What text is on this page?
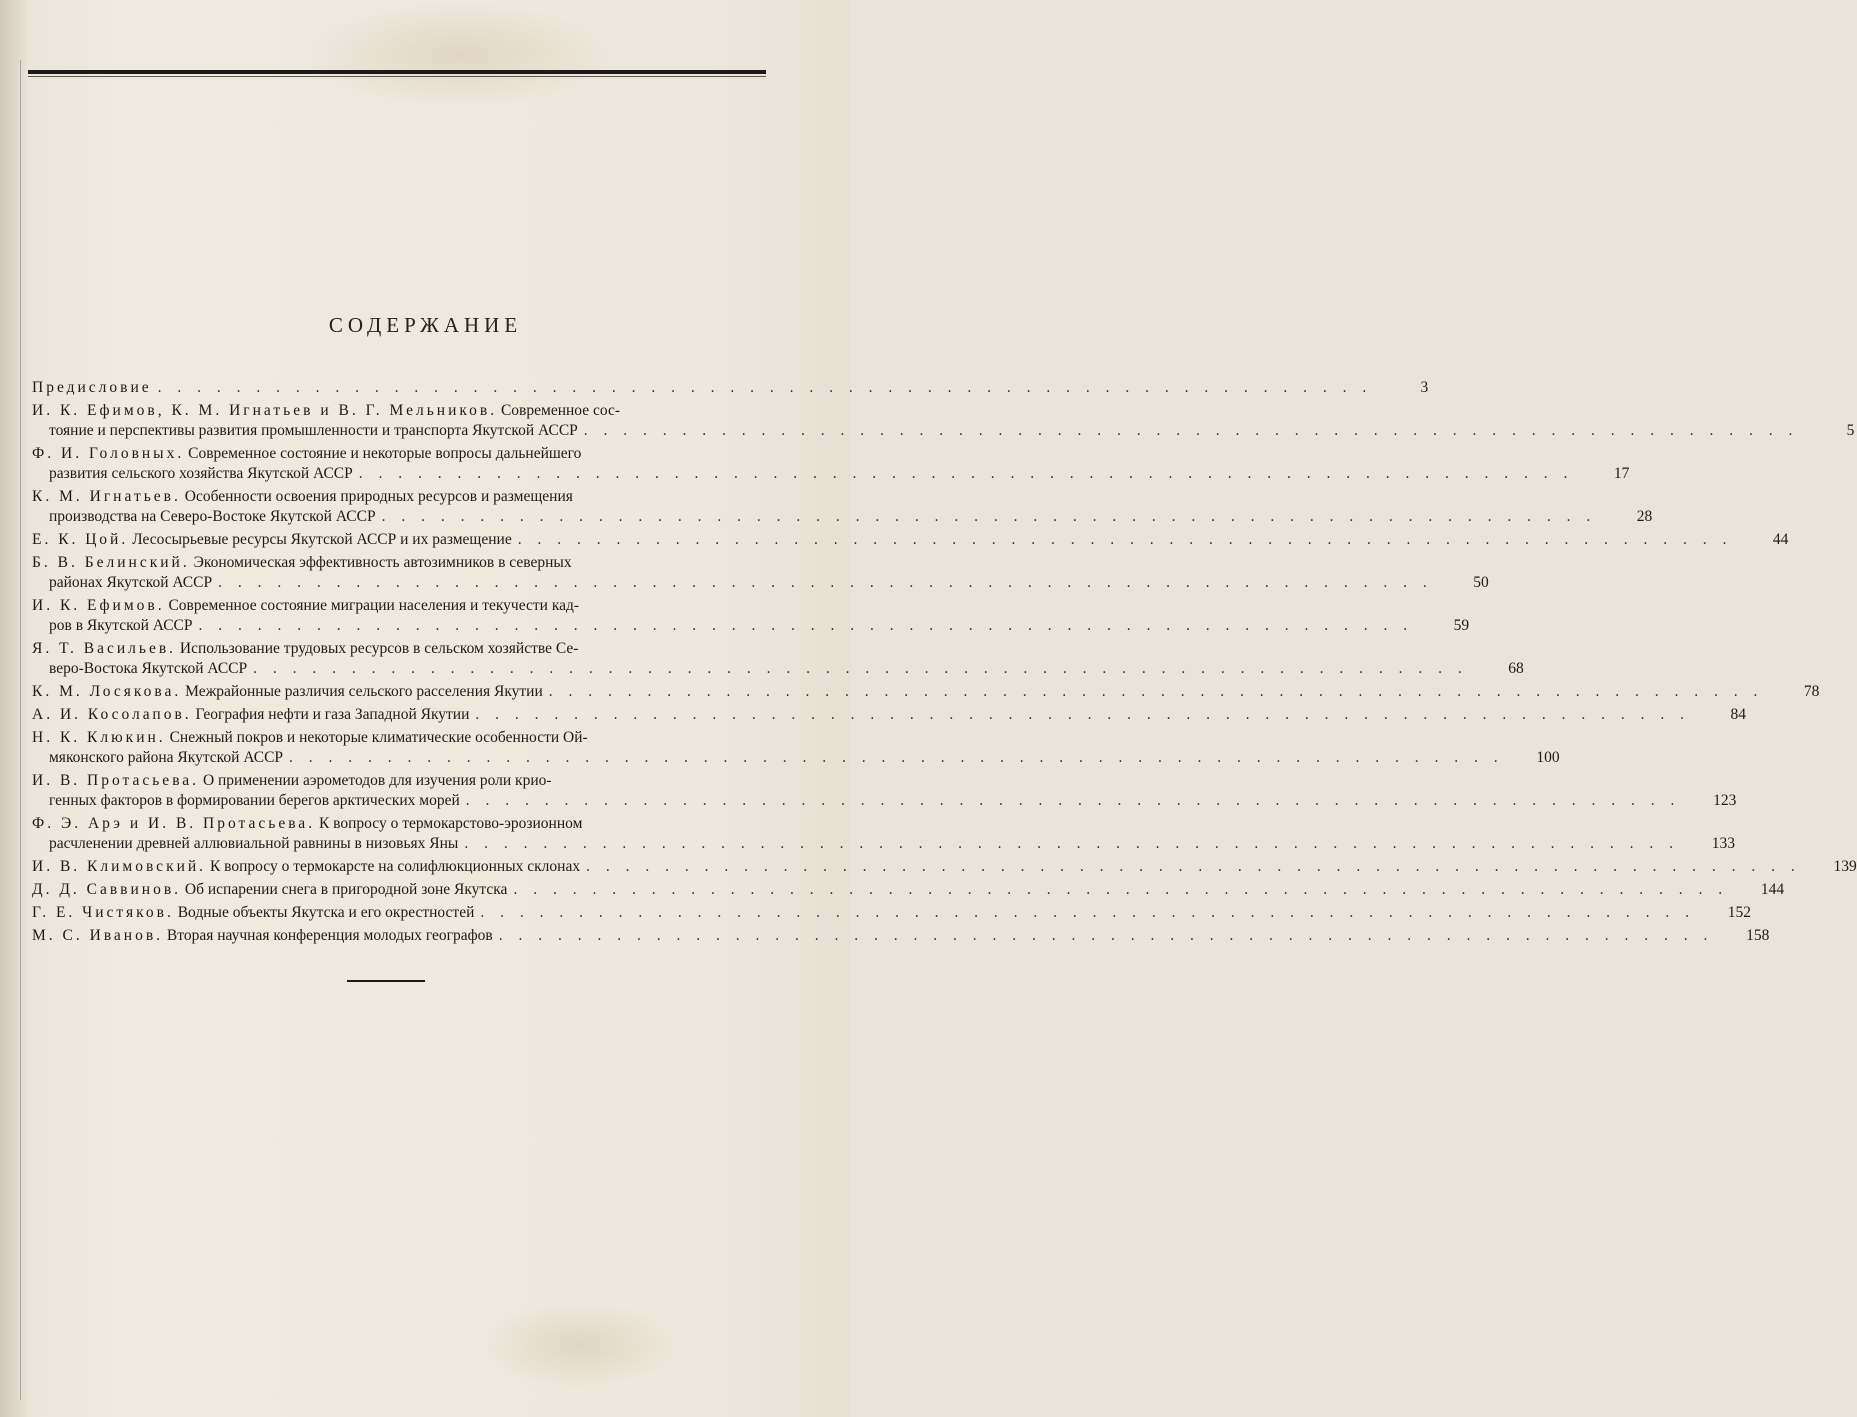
СОДЕРЖАНИЕ
Предисловие . . . . . . . . . . . . . . . . . . . . . . . . . . . . . . . . . . . . . . . . . . . . . . . . . . . . . . . . . . . . . .	3
И. К. Ефимов, К. М. Игнатьев и В. Г. Мельников. Современное сос-
тояние и перспективы развития промышленности и транспорта Якутской АССР . . . . . . . . . . . . . . . . . . . . . . . . . . . . . . . . . . . . . . . . . . . . . . . . . . . . . . . . . . . . . .	5
Ф. И. Головных. Современное состояние и некоторые вопросы дальнейшего
развития сельского хозяйства Якутской АССР . . . . . . . . . . . . . . . . . . . . . . . . . . . . . . . . . . . . . . . . . . . . . . . . . . . . . . . . . . . . . .	17
К. М. Игнатьев. Особенности освоения природных ресурсов и размещения
производства на Северо-Востоке Якутской АССР . . . . . . . . . . . . . . . . . . . . . . . . . . . . . . . . . . . . . . . . . . . . . . . . . . . . . . . . . . . . . .	28
Е. К. Цой. Лесосырьевые ресурсы Якутской АССР и их размещение . . . . . . . . . . . . . . . . . . . . . . . . . . . . . . . . . . . . . . . . . . . . . . . . . . . . . . . . . . . . . .	44
Б. В. Белинский. Экономическая эффективность автозимников в северных
районах Якутской АССР . . . . . . . . . . . . . . . . . . . . . . . . . . . . . . . . . . . . . . . . . . . . . . . . . . . . . . . . . . . . . .	50
И. К. Ефимов. Современное состояние миграции населения и текучести кад-
ров в Якутской АССР . . . . . . . . . . . . . . . . . . . . . . . . . . . . . . . . . . . . . . . . . . . . . . . . . . . . . . . . . . . . . .	59
Я. Т. Васильев. Использование трудовых ресурсов в сельском хозяйстве Се-
веро-Востока Якутской АССР . . . . . . . . . . . . . . . . . . . . . . . . . . . . . . . . . . . . . . . . . . . . . . . . . . . . . . . . . . . . . .	68
К. М. Лосякова. Межрайонные различия сельского расселения Якутии . . . . . . . . . . . . . . . . . . . . . . . . . . . . . . . . . . . . . . . . . . . . . . . . . . . . . . . . . . . . . .	78
А. И. Косолапов. География нефти и газа Западной Якутии . . . . . . . . . . . . . . . . . . . . . . . . . . . . . . . . . . . . . . . . . . . . . . . . . . . . . . . . . . . . . .	84
Н. К. Клюкин. Снежный покров и некоторые климатические особенности Ой-
мяконского района Якутской АССР . . . . . . . . . . . . . . . . . . . . . . . . . . . . . . . . . . . . . . . . . . . . . . . . . . . . . . . . . . . . . .	100
И. В. Протасьева. О применении аэрометодов для изучения роли крио-
генных факторов в формировании берегов арктических морей . . . . . . . . . . . . . . . . . . . . . . . . . . . . . . . . . . . . . . . . . . . . . . . . . . . . . . . . . . . . . .	123
Ф. Э. Арэ и И. В. Протасьева. К вопросу о термокарстово-эрозионном
расчленении древней аллювиальной равнины в низовьях Яны . . . . . . . . . . . . . . . . . . . . . . . . . . . . . . . . . . . . . . . . . . . . . . . . . . . . . . . . . . . . . .	133
И. В. Климовский. К вопросу о термокарсте на солифлюкционных склонах . . . . . . . . . . . . . . . . . . . . . . . . . . . . . . . . . . . . . . . . . . . . . . . . . . . . . . . . . . . . . .	139
Д. Д. Саввинов. Об испарении снега в пригородной зоне Якутска . . . . . . . . . . . . . . . . . . . . . . . . . . . . . . . . . . . . . . . . . . . . . . . . . . . . . . . . . . . . . .	144
Г. Е. Чистяков. Водные объекты Якутска и его окрестностей . . . . . . . . . . . . . . . . . . . . . . . . . . . . . . . . . . . . . . . . . . . . . . . . . . . . . . . . . . . . . .	152
М. С. Иванов. Вторая научная конференция молодых географов . . . . . . . . . . . . . . . . . . . . . . . . . . . . . . . . . . . . . . . . . . . . . . . . . . . . . . . . . . . . . .	158
